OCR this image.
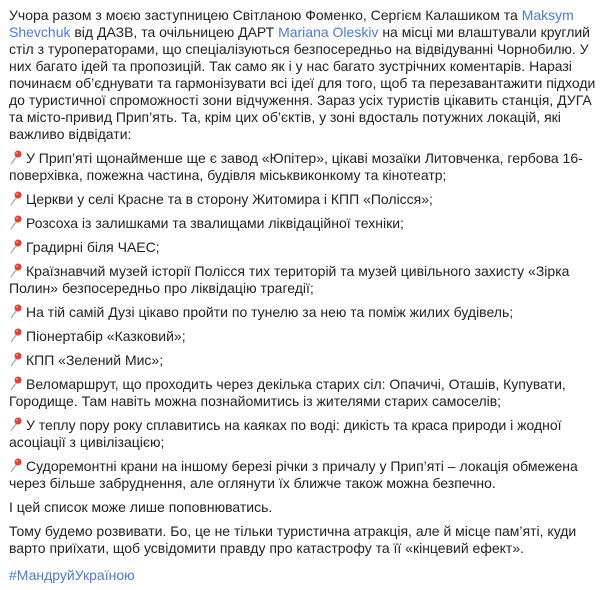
Учора разом з моєю заступницею Світланою Фоменко, Сергієм Калашиком та Maksym Shevchuk від ДАЗВ, та очільницею ДАРТ Mariana Oleskiv на місці ми влаштували круглий стіл з туроператорами, що спеціалізуються безпосередньо на відвідуванні Чорнобилю. У них багато ідей та пропозицій. Так само як і у нас багато зустрічних коментарів. Наразі починаєм об’єднувати та гармонізувати всі ідеї для того, щоб та перезавантажити підходи до туристичної спроможності зони відчуження. Зараз усіх туристів цікавить станція, ДУГА та місто-привид Прип’ять. Та, крім цих об’єктів, у зоні вдосталь потужних локацій, які важливо відвідати:

У Прип’яті щонайменше ще є завод «Юпітер», цікаві мозаїки Литовченка, гербова 16-поверхівка, пожежна частина, будівля міськвиконкому та кінотеатр;
Церкви у селі Красне та в сторону Житомира і КПП «Полісся»;
Розсоха із залишками та звалищами ліквідаційної техніки;
Градирні біля ЧАЕС;
Країзнавчий музей історії Полісся тих територій та музей цивільного захисту «Зірка Полин» безпосередньо про ліквідацію трагедії;
На тій самій Дузі цікаво пройти по тунелю за нею та поміж жилих будівель;
Піонертабір «Казковий»;
КПП «Зелений Мис»;
Веломаршрут, що проходить через декілька старих сіл: Опачичі, Оташів, Купувати, Городище. Там навіть можна познайомитись із жителями старих самоселів;
У теплу пору року сплавитись на каяках по воді: дикість та краса природи і жодної асоціації з цивілізацією;
Судоремонтні крани на іншому березі річки з причалу у Прип’яті – локація обмежена через більше забруднення, але оглянути їх ближче також можна безпечно.

І цей список може лише поповнюватись.

Тому будемо розвивати. Бо, це не тільки туристична атракція, але й місце пам’яті, куди варто приїхати, щоб усвідомити правду про катастрофу та її «кінцевий ефект».

#МандруйУкраїною
